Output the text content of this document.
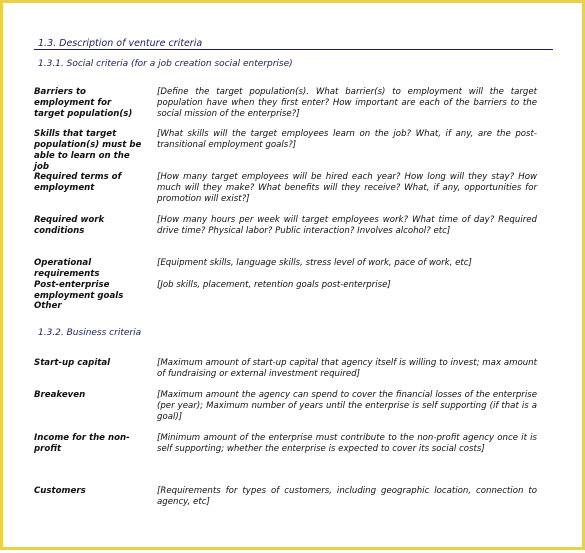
1.3. Description of venture criteria
1.3.1. Social criteria (for a job creation social enterprise)
Barriers to employment for target population(s)
[Define the target population(s). What barrier(s) to employment will the target population have when they first enter? How important are each of the barriers to the social mission of the enterprise?]
Skills that target population(s) must be able to learn on the job
[What skills will the target employees learn on the job? What, if any, are the post-transitional employment goals?]
Required terms of employment
[How many target employees will be hired each year? How long will they stay? How much will they make? What benefits will they receive? What, if any, opportunities for promotion will exist?]
Required work conditions
[How many hours per week will target employees work? What time of day? Required drive time? Physical labor? Public interaction? Involves alcohol? etc]
Operational requirements
[Equipment skills, language skills, stress level of work, pace of work, etc]
Post-enterprise employment goals
[Job skills, placement, retention goals post-enterprise]
Other
1.3.2. Business criteria
Start-up capital	[Maximum amount of start-up capital that agency itself is willing to invest; max amount of fundraising or external investment required]
Breakeven	[Maximum amount the agency can spend to cover the financial losses of the enterprise (per year); Maximum number of years until the enterprise is self supporting (if that is a goal)]
Income for the non-profit
[Minimum amount of the enterprise must contribute to the non-profit agency once it is self supporting; whether the enterprise is expected to cover its social costs]
Customers	[Requirements for types of customers, including geographic location, connection to agency, etc]
